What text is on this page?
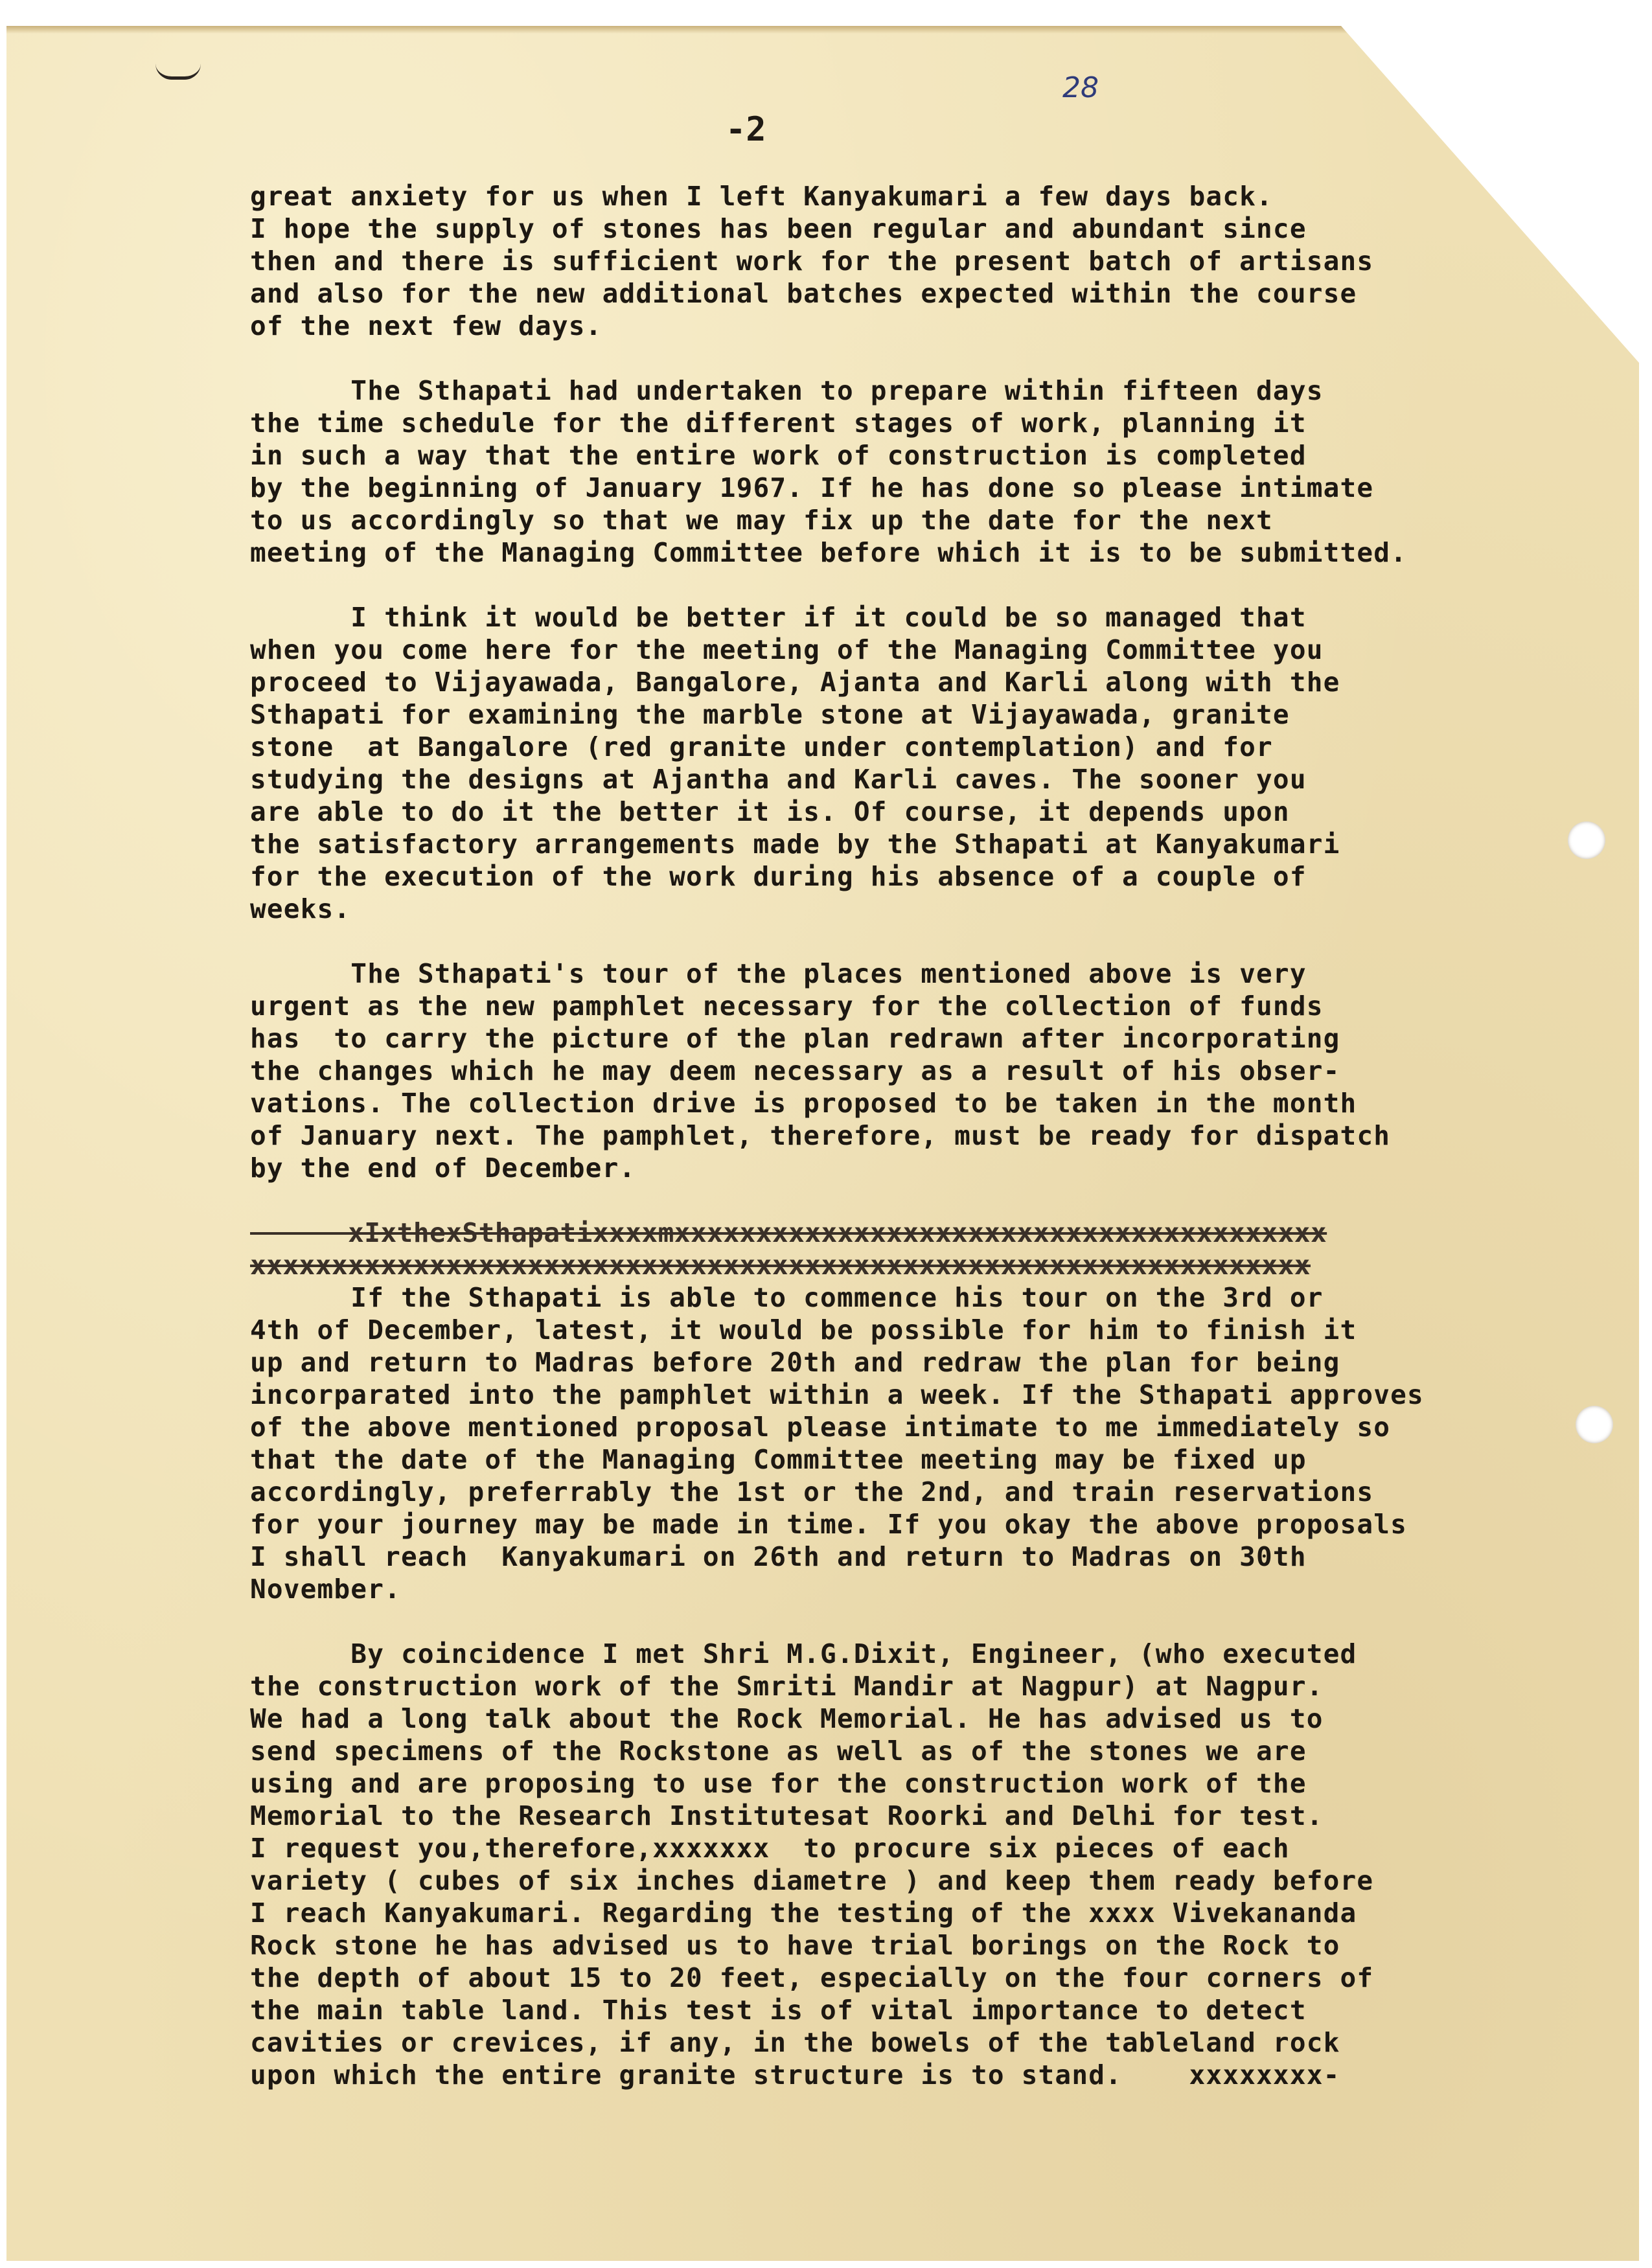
28
-2
great anxiety for us when I left Kanyakumari a few days back.
I hope the supply of stones has been regular and abundant since
then and there is sufficient work for the present batch of artisans
and also for the new additional batches expected within the course
of the next few days.
The Sthapati had undertaken to prepare within fifteen days
the time schedule for the different stages of work, planning it
in such a way that the entire work of construction is completed
by the beginning of January 1967. If he has done so please intimate
to us accordingly so that we may fix up the date for the next
meeting of the Managing Committee before which it is to be submitted.
I think it would be better if it could be so managed that
when you come here for the meeting of the Managing Committee you
proceed to Vijayawada, Bangalore, Ajanta and Karli along with the
Sthapati for examining the marble stone at Vijayawada, granite
stone  at Bangalore (red granite under contemplation) and for
studying the designs at Ajantha and Karli caves. The sooner you
are able to do it the better it is. Of course, it depends upon
the satisfactory arrangements made by the Sthapati at Kanyakumari
for the execution of the work during his absence of a couple of
weeks.
The Sthapati's tour of the places mentioned above is very
urgent as the new pamphlet necessary for the collection of funds
has  to carry the picture of the plan redrawn after incorporating
the changes which he may deem necessary as a result of his obser-
vations. The collection drive is proposed to be taken in the month
of January next. The pamphlet, therefore, must be ready for dispatch
by the end of December.
xIxthexSthapatixxxxmxxxxxxxxxxxxxxxxxxxxxxxxxxxxxxxxxxxxxxxx
xxxxxxxxxxxxxxxxxxxxxxxxxxxxxxxxxxxxxxxxxxxxxxxxxxxxxxxxxxxxxxxxx
If the Sthapati is able to commence his tour on the 3rd or
4th of December, latest, it would be possible for him to finish it
up and return to Madras before 20th and redraw the plan for being
incorparated into the pamphlet within a week. If the Sthapati approves
of the above mentioned proposal please intimate to me immediately so
that the date of the Managing Committee meeting may be fixed up
accordingly, preferrably the 1st or the 2nd, and train reservations
for your journey may be made in time. If you okay the above proposals
I shall reach  Kanyakumari on 26th and return to Madras on 30th
November.
By coincidence I met Shri M.G.Dixit, Engineer, (who executed
the construction work of the Smriti Mandir at Nagpur) at Nagpur.
We had a long talk about the Rock Memorial. He has advised us to
send specimens of the Rockstone as well as of the stones we are
using and are proposing to use for the construction work of the
Memorial to the Research Institutesat Roorki and Delhi for test.
I request you,therefore,xxxxxxx  to procure six pieces of each
variety ( cubes of six inches diametre ) and keep them ready before
I reach Kanyakumari. Regarding the testing of the xxxx Vivekananda
Rock stone he has advised us to have trial borings on the Rock to
the depth of about 15 to 20 feet, especially on the four corners of
the main table land. This test is of vital importance to detect
cavities or crevices, if any, in the bowels of the tableland rock
upon which the entire granite structure is to stand.    xxxxxxxx-
